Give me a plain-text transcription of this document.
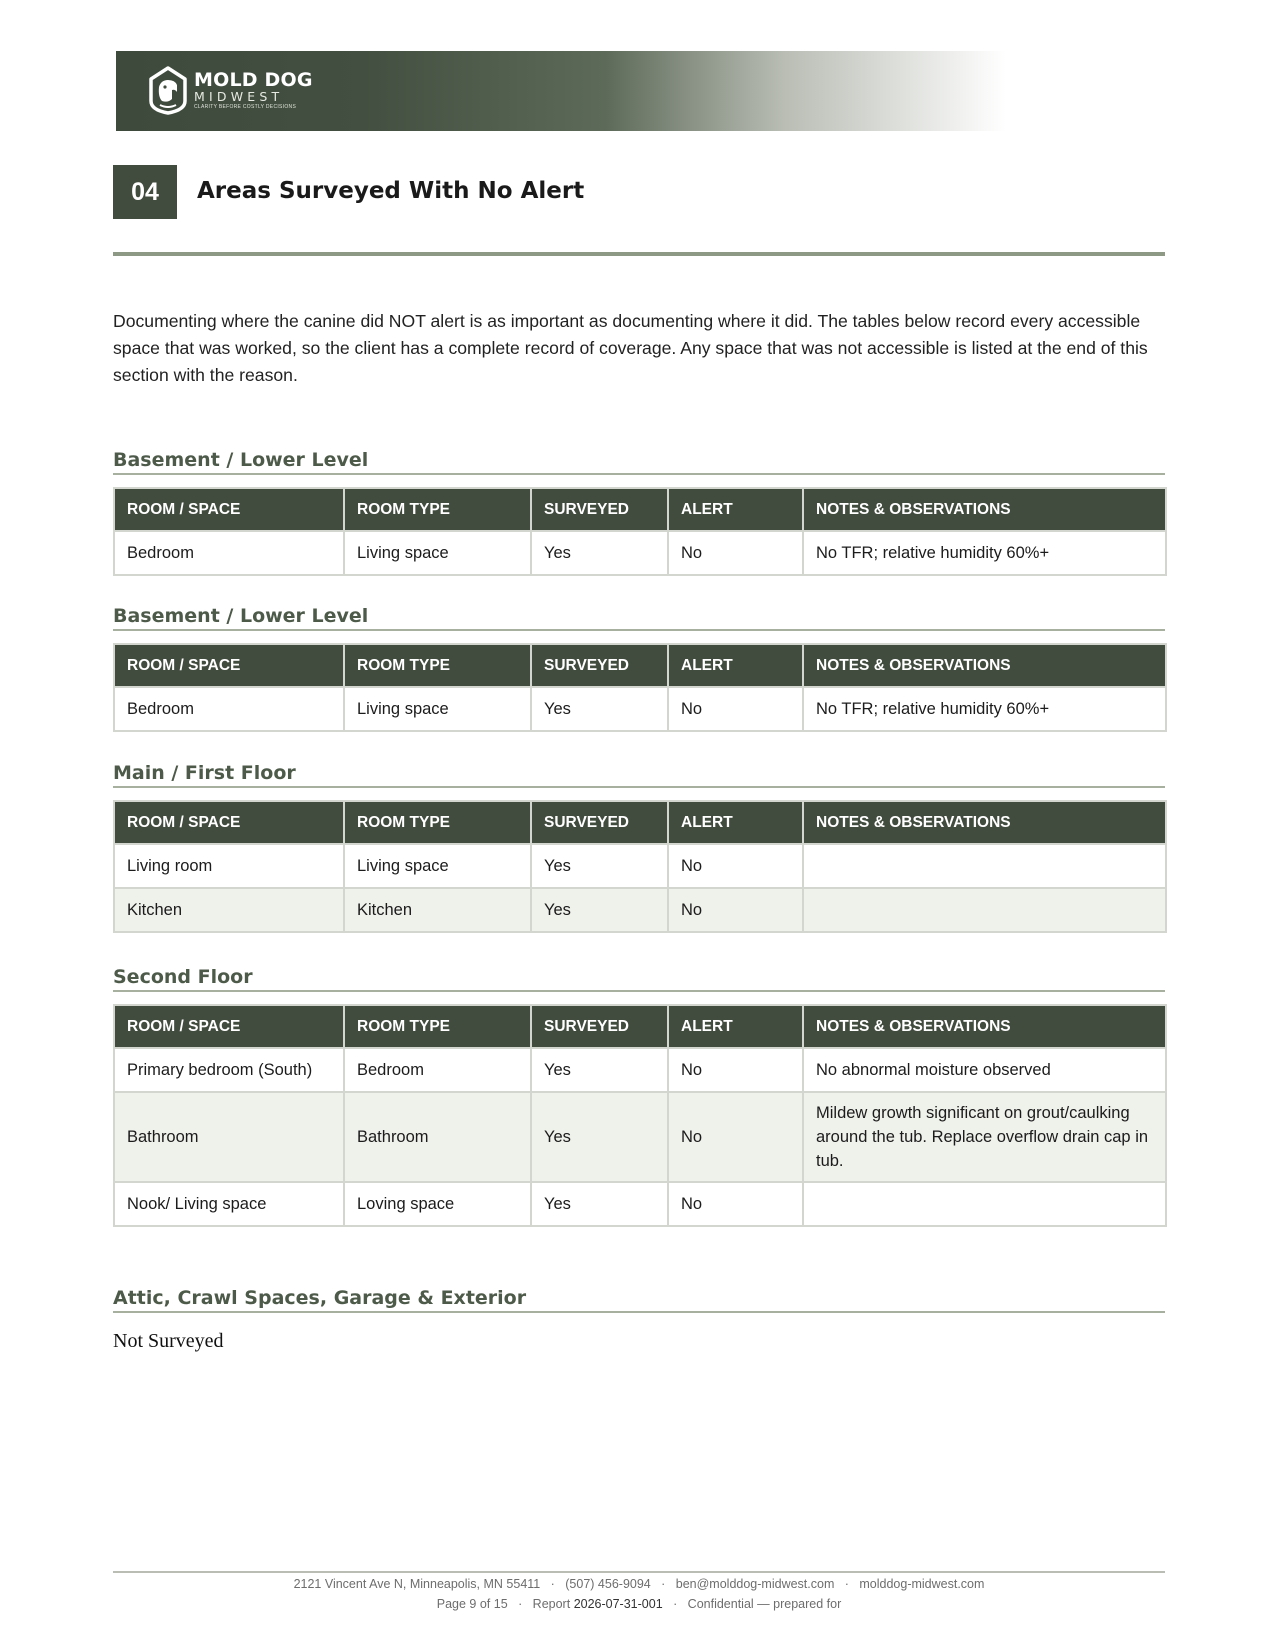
MOLD DOG
MIDWEST
CLARITY BEFORE COSTLY DECISIONS
04	Areas Surveyed With No Alert

Documenting where the canine did NOT alert is as important as documenting where it did. The tables below record every accessible space that was worked, so the client has a complete record of coverage. Any space that was not accessible is listed at the end of this section with the reason.

Basement / Lower Level
ROOM / SPACE	ROOM TYPE	SURVEYED	ALERT	NOTES & OBSERVATIONS
Bedroom	Living space	Yes	No	No TFR; relative humidity 60%+
Basement / Lower Level
ROOM / SPACE	ROOM TYPE	SURVEYED	ALERT	NOTES & OBSERVATIONS
Bedroom	Living space	Yes	No	No TFR; relative humidity 60%+
Main / First Floor
ROOM / SPACE	ROOM TYPE	SURVEYED	ALERT	NOTES & OBSERVATIONS
Living room	Living space	Yes	No	
Kitchen	Kitchen	Yes	No	
Second Floor
ROOM / SPACE	ROOM TYPE	SURVEYED	ALERT	NOTES & OBSERVATIONS
Primary bedroom (South)	Bedroom	Yes	No	No abnormal moisture observed
Bathroom	Bathroom	Yes	No	Mildew growth significant on grout/caulking around the tub. Replace overflow drain cap in tub.
Nook/ Living space	Loving space	Yes	No	
Attic, Crawl Spaces, Garage & Exterior
Not Surveyed
2121 Vincent Ave N, Minneapolis, MN 55411 · (507) 456-9094 · ben@molddog-midwest.com · molddog-midwest.com
Page 9 of 15 · Report 2026-07-31-001 · Confidential — prepared for
